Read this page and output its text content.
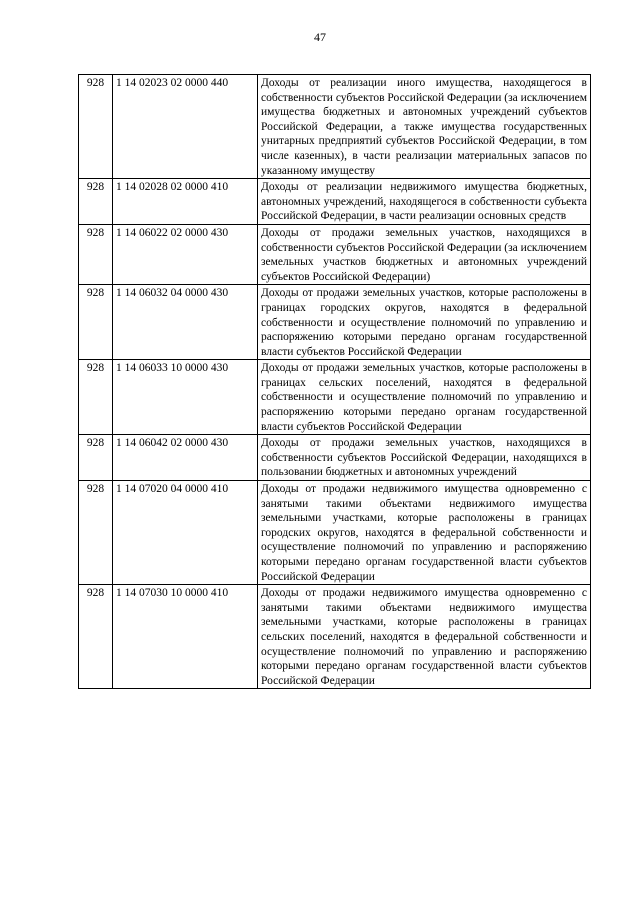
47
928	1 14 02023 02 0000 440	Доходы от реализации иного имущества, находящегося в собственности субъектов Российской Федерации (за исключением имущества бюджетных и автономных учреждений субъектов Российской Федерации, а также имущества государственных унитарных предприятий субъектов Российской Федерации, в том числе казенных), в части реализации материальных запасов по указанному имуществу
928	1 14 02028 02 0000 410	Доходы от реализации недвижимого имущества бюджетных, автономных учреждений, находящегося в собственности субъекта Российской Федерации, в части реализации основных средств
928	1 14 06022 02 0000 430	Доходы от продажи земельных участков, находящихся в собственности субъектов Российской Федерации (за исключением земельных участков бюджетных и автономных учреждений субъектов Российской Федерации)
928	1 14 06032 04 0000 430	Доходы от продажи земельных участков, которые расположены в границах городских округов, находятся в федеральной собственности и осуществление полномочий по управлению и распоряжению которыми передано органам государственной власти субъектов Российской Федерации
928	1 14 06033 10 0000 430	Доходы от продажи земельных участков, которые расположены в границах сельских поселений, находятся в федеральной собственности и осуществление полномочий по управлению и распоряжению которыми передано органам государственной власти субъектов Российской Федерации
928	1 14 06042 02 0000 430	Доходы от продажи земельных участков, находящихся в собственности субъектов Российской Федерации, находящихся в пользовании бюджетных и автономных учреждений
928	1 14 07020 04 0000 410	Доходы от продажи недвижимого имущества одновременно с занятыми такими объектами недвижимого имущества земельными участками, которые расположены в границах городских округов, находятся в федеральной собственности и осуществление полномочий по управлению и распоряжению которыми передано органам государственной власти субъектов Российской Федерации
928	1 14 07030 10 0000 410	Доходы от продажи недвижимого имущества одновременно с занятыми такими объектами недвижимого имущества земельными участками, которые расположены в границах сельских поселений, находятся в федеральной собственности и осуществление полномочий по управлению и распоряжению которыми передано органам государственной власти субъектов Российской Федерации
